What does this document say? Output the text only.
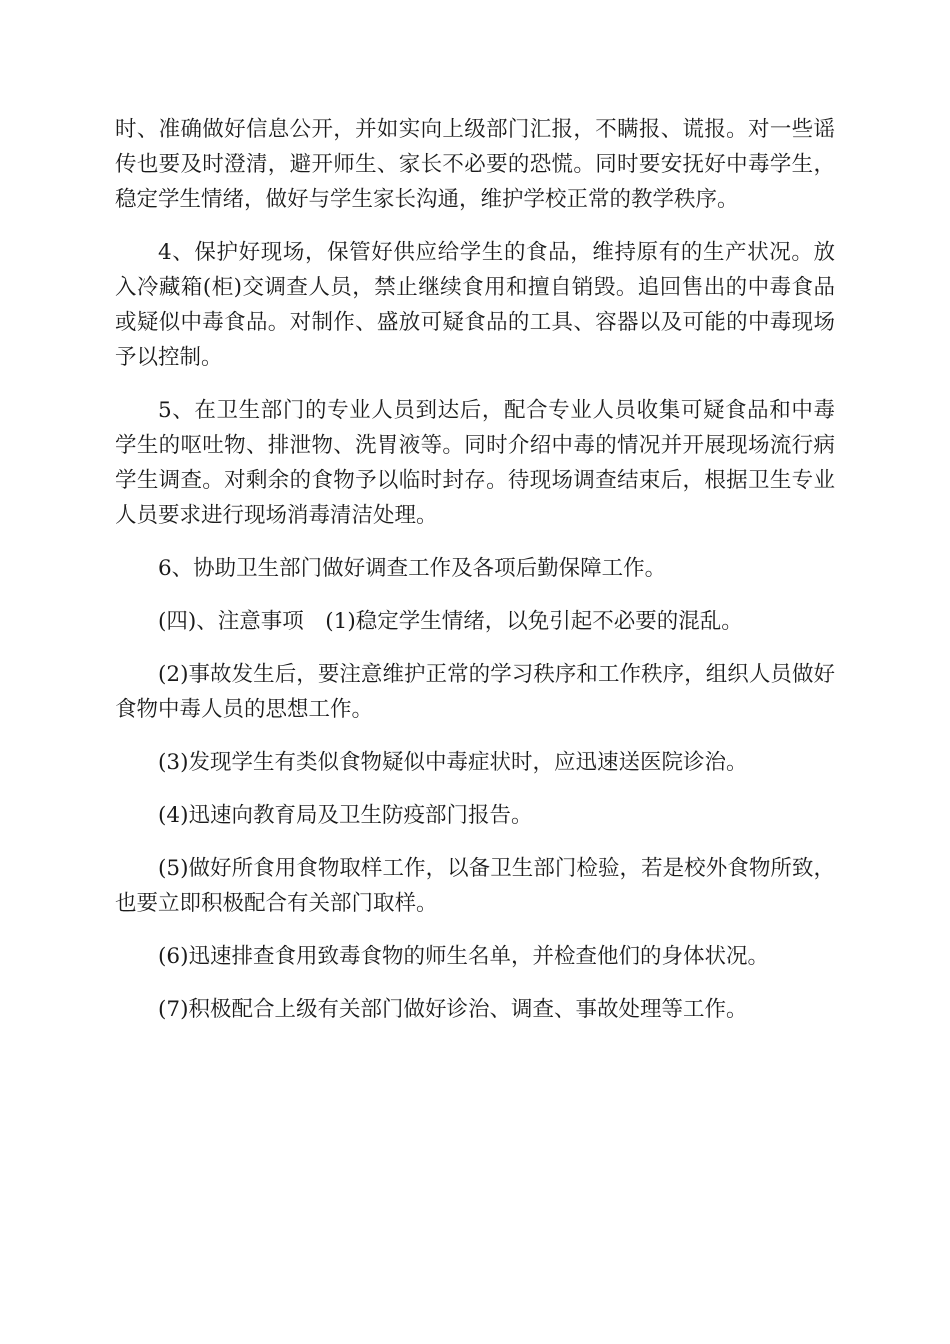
时、准确做好信息公开，并如实向上级部门汇报，不瞒报、谎报。对一些谣传也要及时澄清，避开师生、家长不必要的恐慌。同时要安抚好中毒学生，稳定学生情绪，做好与学生家长沟通，维护学校正常的教学秩序。

4、保护好现场，保管好供应给学生的食品，维持原有的生产状况。放入冷藏箱(柜)交调查人员，禁止继续食用和擅自销毁。追回售出的中毒食品或疑似中毒食品。对制作、盛放可疑食品的工具、容器以及可能的中毒现场予以控制。

5、在卫生部门的专业人员到达后，配合专业人员收集可疑食品和中毒学生的呕吐物、排泄物、洗胃液等。同时介绍中毒的情况并开展现场流行病学生调查。对剩余的食物予以临时封存。待现场调查结束后，根据卫生专业人员要求进行现场消毒清洁处理。

6、协助卫生部门做好调查工作及各项后勤保障工作。

(四)、注意事项　(1)稳定学生情绪，以免引起不必要的混乱。

(2)事故发生后，要注意维护正常的学习秩序和工作秩序，组织人员做好食物中毒人员的思想工作。

(3)发现学生有类似食物疑似中毒症状时，应迅速送医院诊治。

(4)迅速向教育局及卫生防疫部门报告。

(5)做好所食用食物取样工作，以备卫生部门检验，若是校外食物所致，也要立即积极配合有关部门取样。

(6)迅速排查食用致毒食物的师生名单，并检查他们的身体状况。

(7)积极配合上级有关部门做好诊治、调查、事故处理等工作。
